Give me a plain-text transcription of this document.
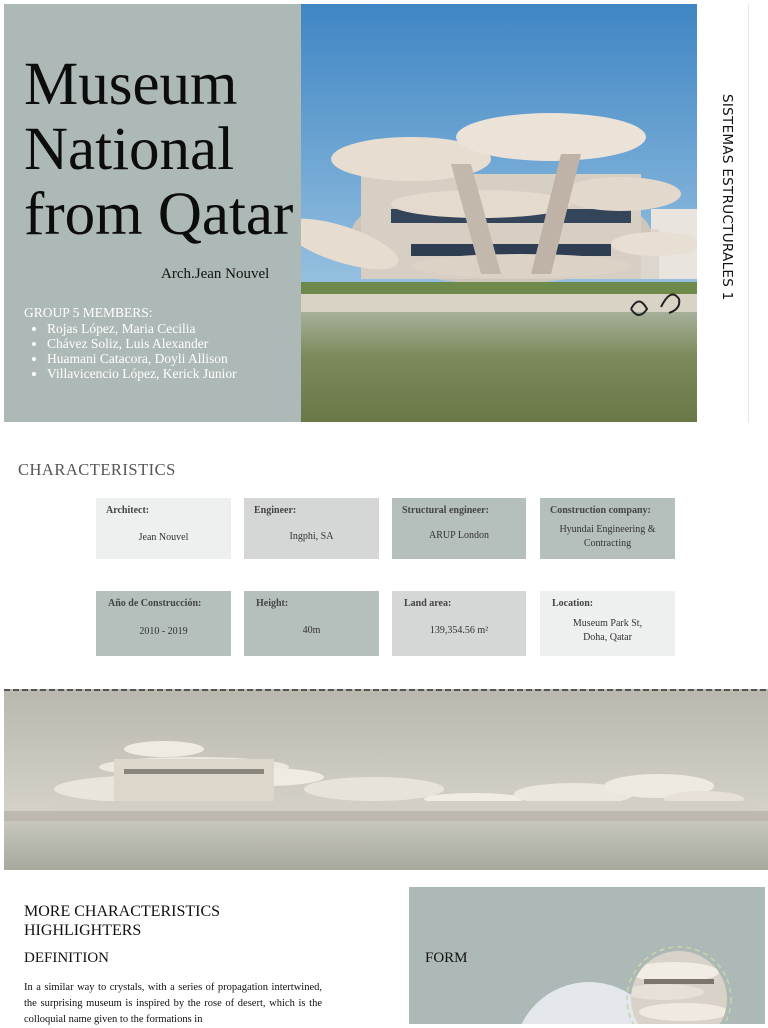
Museum
National
from Qatar
Arch.Jean Nouvel
GROUP 5 MEMBERS:
• Rojas López, Maria Cecilia
• Chávez Soliz, Luis Alexander
• Huamani Catacora, Doyli Allison
• Villavicencio López, Kerick Junior
SISTEMAS ESTRUCTURALES 1
CHARACTERISTICS
Architect:
Jean Nouvel
Engineer:
Ingphi, SA
Structural engineer:
ARUP London
Construction company:
Hyundai Engineering &
Contracting
Año de Construcción:
2010 - 2019
Height:
40m
Land area:
139,354.56 m²
Location:
Museum Park St,
Doha, Qatar
MORE CHARACTERISTICS
HIGHLIGHTERS
DEFINITION
In a similar way to crystals, with a series of propagation intertwined, the surprising museum is inspired by the rose of desert, which is the colloquial name given to the formations in
FORM
